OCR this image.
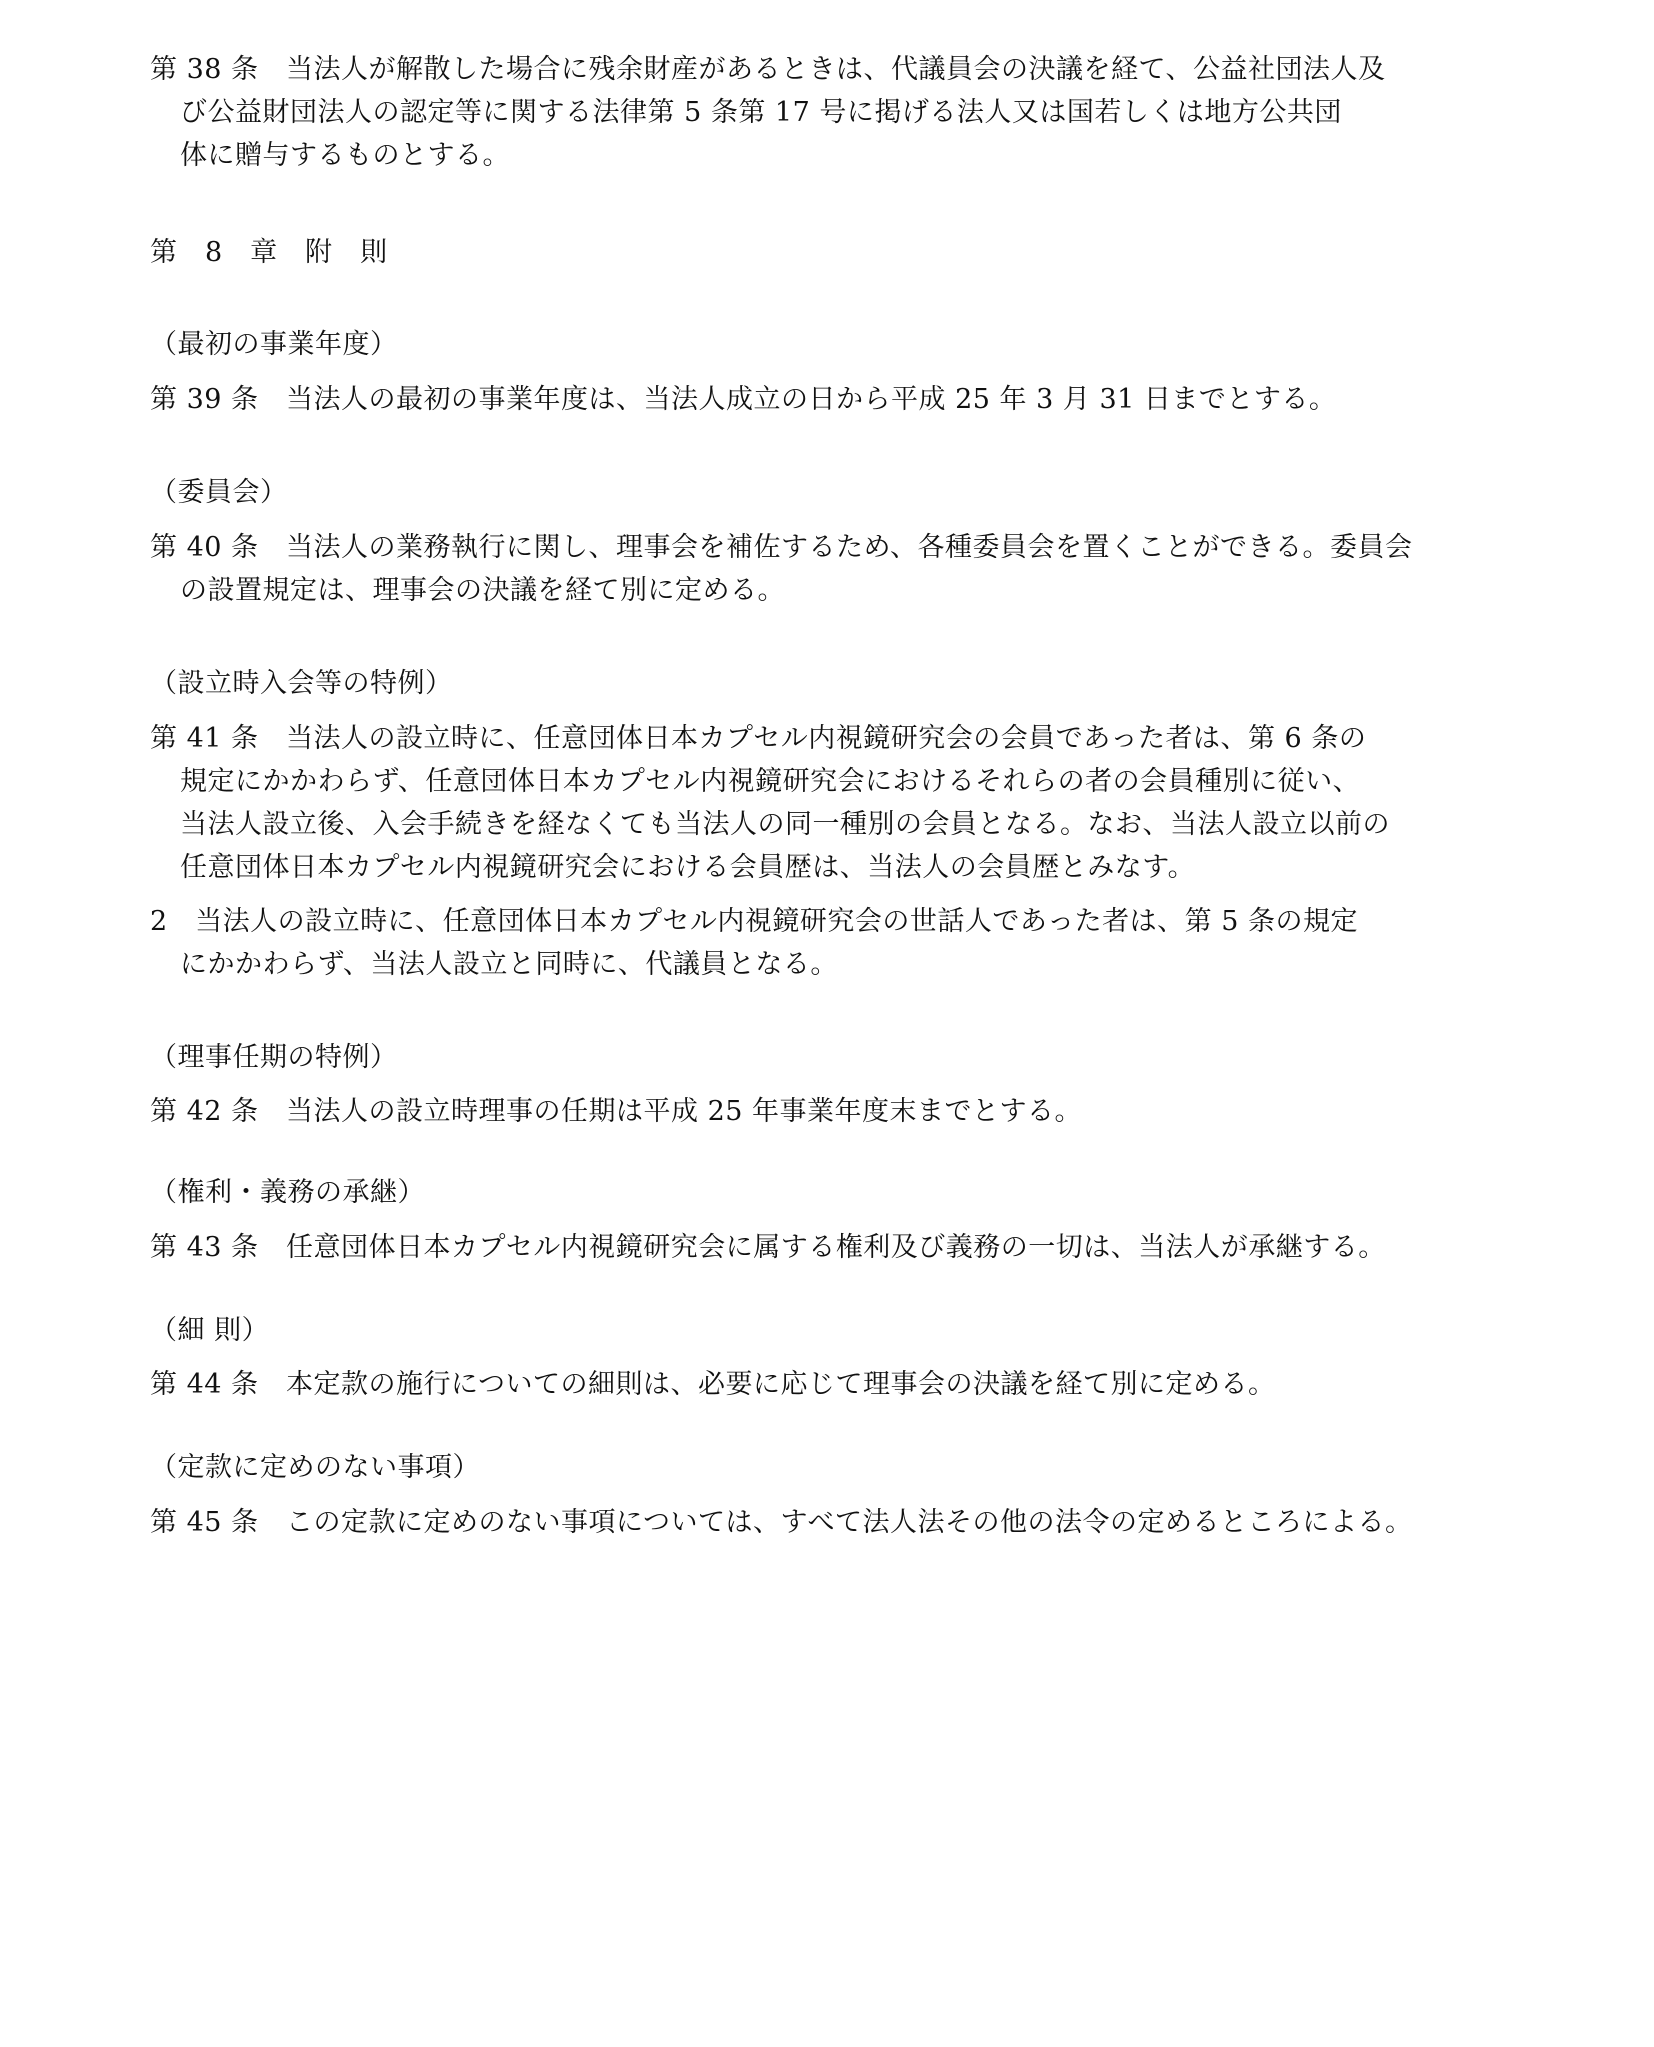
第 38 条　当法人が解散した場合に残余財産があるときは、代議員会の決議を経て、公益社団法人及
び公益財団法人の認定等に関する法律第 5 条第 17 号に掲げる法人又は国若しくは地方公共団
体に贈与するものとする。
第　8　章　附　則
（最初の事業年度）
第 39 条　当法人の最初の事業年度は、当法人成立の日から平成 25 年 3 月 31 日までとする。
（委員会）
第 40 条　当法人の業務執行に関し、理事会を補佐するため、各種委員会を置くことができる。委員会
の設置規定は、理事会の決議を経て別に定める。
（設立時入会等の特例）
第 41 条　当法人の設立時に、任意団体日本カプセル内視鏡研究会の会員であった者は、第 6 条の
規定にかかわらず、任意団体日本カプセル内視鏡研究会におけるそれらの者の会員種別に従い、
当法人設立後、入会手続きを経なくても当法人の同一種別の会員となる。なお、当法人設立以前の
任意団体日本カプセル内視鏡研究会における会員歴は、当法人の会員歴とみなす。
2　当法人の設立時に、任意団体日本カプセル内視鏡研究会の世話人であった者は、第 5 条の規定
にかかわらず、当法人設立と同時に、代議員となる。
（理事任期の特例）
第 42 条　当法人の設立時理事の任期は平成 25 年事業年度末までとする。
（権利・義務の承継）
第 43 条　任意団体日本カプセル内視鏡研究会に属する権利及び義務の一切は、当法人が承継する。
（細 則）
第 44 条　本定款の施行についての細則は、必要に応じて理事会の決議を経て別に定める。
（定款に定めのない事項）
第 45 条　この定款に定めのない事項については、すべて法人法その他の法令の定めるところによる。
